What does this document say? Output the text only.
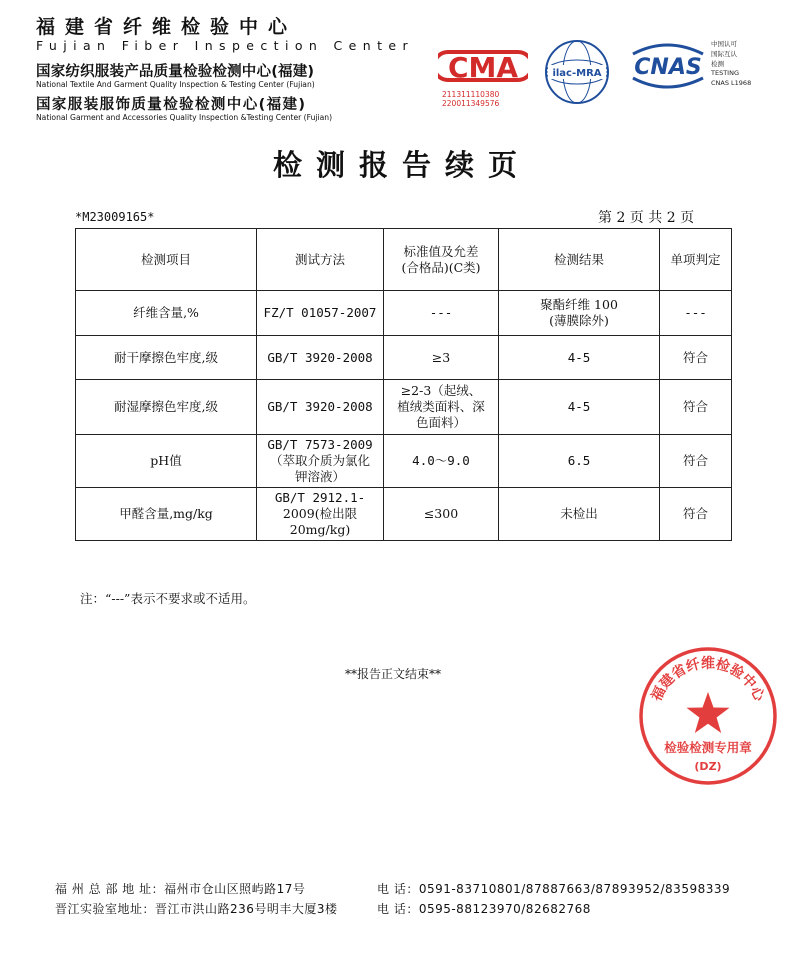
福建省纤维检验中心
Fujian Fiber Inspection Center
国家纺织服装产品质量检验检测中心(福建)
National Textile And Garment Quality Inspection & Testing Center (Fujian)
国家服装服饰质量检验检测中心(福建)
National Garment and Accessories Quality Inspection &Testing Center (Fujian)
CMA
211311110380
220011349576
ilac-MRA CNAS
中国认可
国际互认
检测
TESTING
CNAS L1968
检测报告续页
*M23009165*	第 2 页 共 2 页
检测项目	测试方法	标准值及允差
(合格品)(C类)	检测结果	单项判定
纤维含量,%	FZ/T 01057-2007	---	聚酯纤维 100
(薄膜除外)	---
耐干摩擦色牢度,级	GB/T 3920-2008	≥3	4-5	符合
耐湿摩擦色牢度,级	GB/T 3920-2008	≥2-3（起绒、
植绒类面料、深
色面料）	4-5	符合
pH值	GB/T 7573-2009
（萃取介质为氯化
钾溶液）	4.0～9.0	6.5	符合
甲醛含量,mg/kg	GB/T 2912.1-
2009(检出限
20mg/kg)	≤300	未检出	符合
注：“---”表示不要求或不适用。
**报告正文结束**
福建省纤维检验中心
检验检测专用章
(DZ)
福 州 总 部 地 址：福州市仓山区照屿路17号	电 话：0591-83710801/87887663/87893952/83598339
晋江实验室地址：晋江市洪山路236号明丰大厦3楼	电 话：0595-88123970/82682768
